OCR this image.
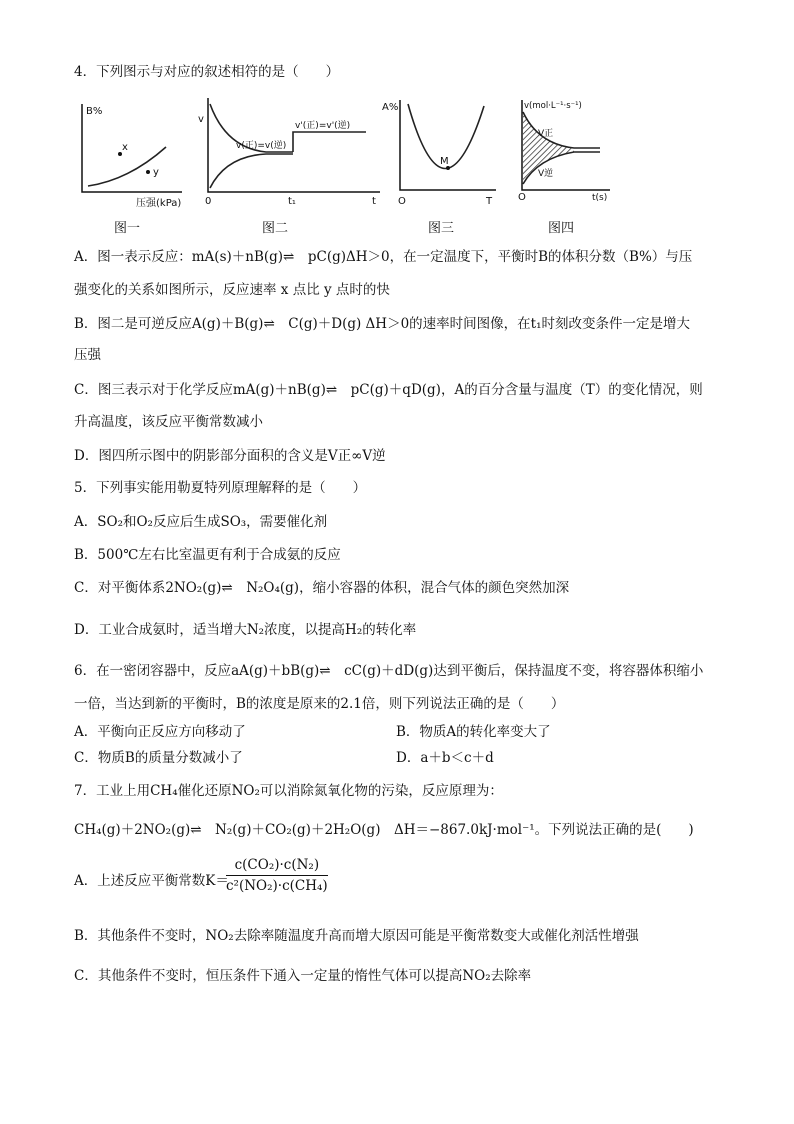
4．下列图示与对应的叙述相符的是（　　）
B%
x
y
压强(kPa)
图一
v
v(正)=v(逆)
v'(正)=v'(逆)
0	t₁	t
图二
A%
M
O	T
图三
v(mol·L⁻¹·s⁻¹)
V正
V逆
O	t(s)
图四
A．图一表示反应：mA(s)＋nB(g)⇌　pC(g)ΔH＞0，在一定温度下，平衡时B的体积分数（B%）与压
强变化的关系如图所示，反应速率 x 点比 y 点时的快
B．图二是可逆反应A(g)＋B(g)⇌　C(g)＋D(g) ΔH＞0的速率时间图像，在t₁时刻改变条件一定是增大
压强
C．图三表示对于化学反应mA(g)＋nB(g)⇌　pC(g)＋qD(g)，A的百分含量与温度（T）的变化情况，则
升高温度，该反应平衡常数减小
D．图四所示图中的阴影部分面积的含义是V正∞V逆
5．下列事实能用勒夏特列原理解释的是（　　）
A．SO₂和O₂反应后生成SO₃，需要催化剂
B．500℃左右比室温更有利于合成氨的反应
C．对平衡体系2NO₂(g)⇌　N₂O₄(g)，缩小容器的体积，混合气体的颜色突然加深
D．工业合成氨时，适当增大N₂浓度，以提高H₂的转化率
6．在一密闭容器中，反应aA(g)＋bB(g)⇌　cC(g)＋dD(g)达到平衡后，保持温度不变，将容器体积缩小
一倍，当达到新的平衡时，B的浓度是原来的2.1倍，则下列说法正确的是（　　）
A．平衡向正反应方向移动了	B．物质A的转化率变大了
C．物质B的质量分数减小了	D．a＋b＜c＋d
7．工业上用CH₄催化还原NO₂可以消除氮氧化物的污染，反应原理为：
CH₄(g)＋2NO₂(g)⇌　N₂(g)＋CO₂(g)＋2H₂O(g)　ΔH＝−867.0kJ·mol⁻¹。下列说法正确的是(　　)
A．上述反应平衡常数K＝
$\frac{\text{c(CO₂)·c(N₂)}}{\text{c²(NO₂)·c(CH₄)}}$
B．其他条件不变时，NO₂去除率随温度升高而增大原因可能是平衡常数变大或催化剂活性增强
C．其他条件不变时，恒压条件下通入一定量的惰性气体可以提高NO₂去除率
